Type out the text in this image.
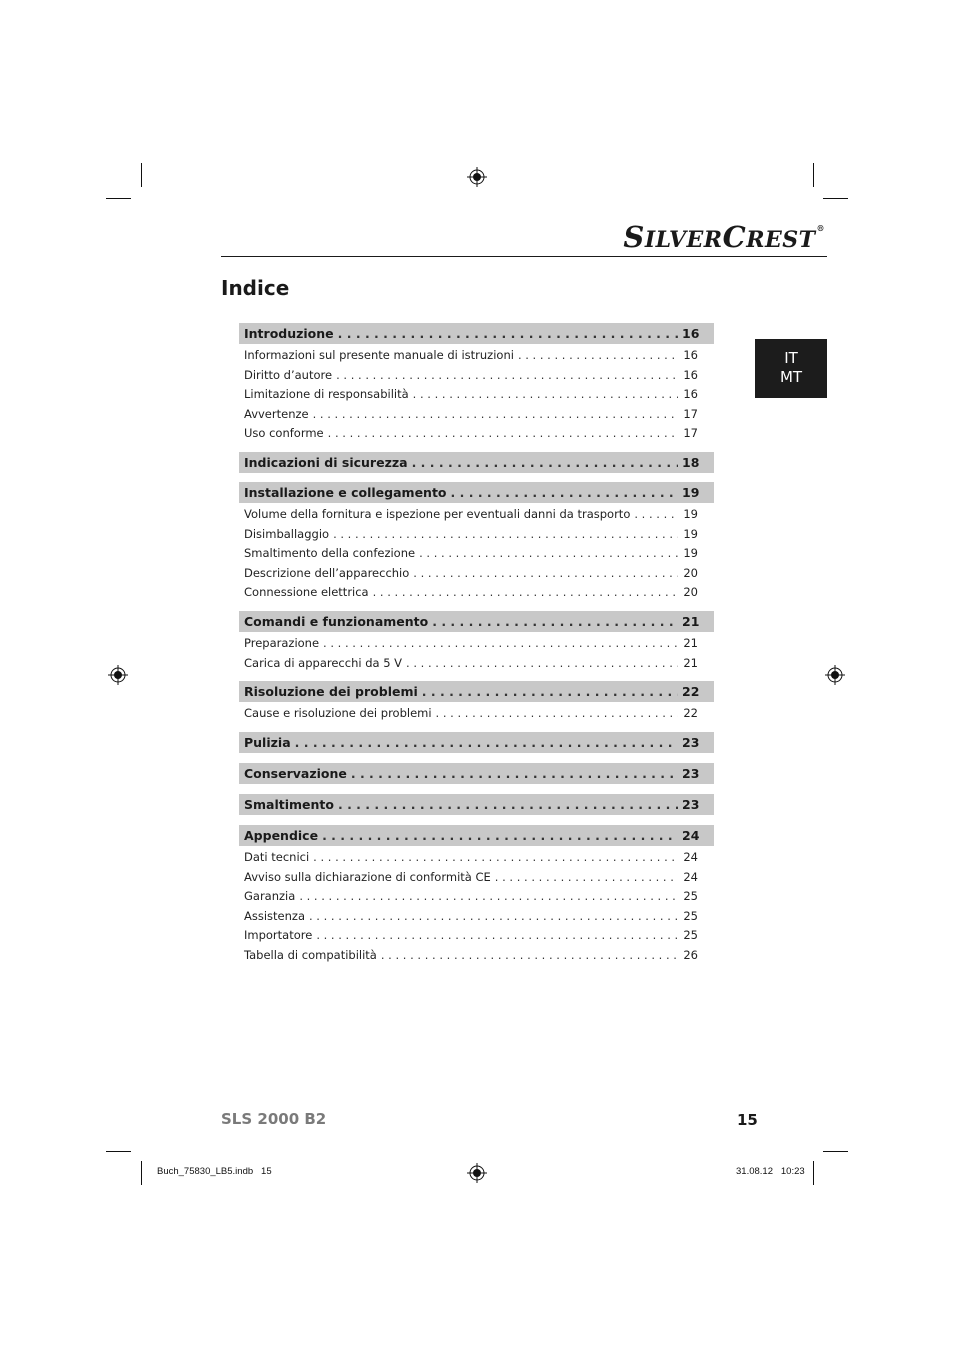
SILVERCREST®
Indice
IT
MT
Introduzione . . .	16
Informazioni sul presente manuale di istruzioni . . .	16
Diritto d’autore . . .	16
Limitazione di responsabilità . . .	16
Avvertenze . . .	17
Uso conforme . . .	17
Indicazioni di sicurezza . . .	18
Installazione e collegamento . . .	19
Volume della fornitura e ispezione per eventuali danni da trasporto . . .	19
Disimballaggio . . .	19
Smaltimento della confezione . . .	19
Descrizione dell’apparecchio . . .	20
Connessione elettrica . . .	20
Comandi e funzionamento . . .	21
Preparazione . . .	21
Carica di apparecchi da 5 V . . .	21
Risoluzione dei problemi . . .	22
Cause e risoluzione dei problemi . . .	22
Pulizia . . .	23
Conservazione . . .	23
Smaltimento . . .	23
Appendice . . .	24
Dati tecnici . . .	24
Avviso sulla dichiarazione di conformità CE . . .	24
Garanzia . . .	25
Assistenza . . .	25
Importatore . . .	25
Tabella di compatibilità . . .	26
SLS 2000 B2	15
Buch_75830_LB5.indb   15	31.08.12   10:23
